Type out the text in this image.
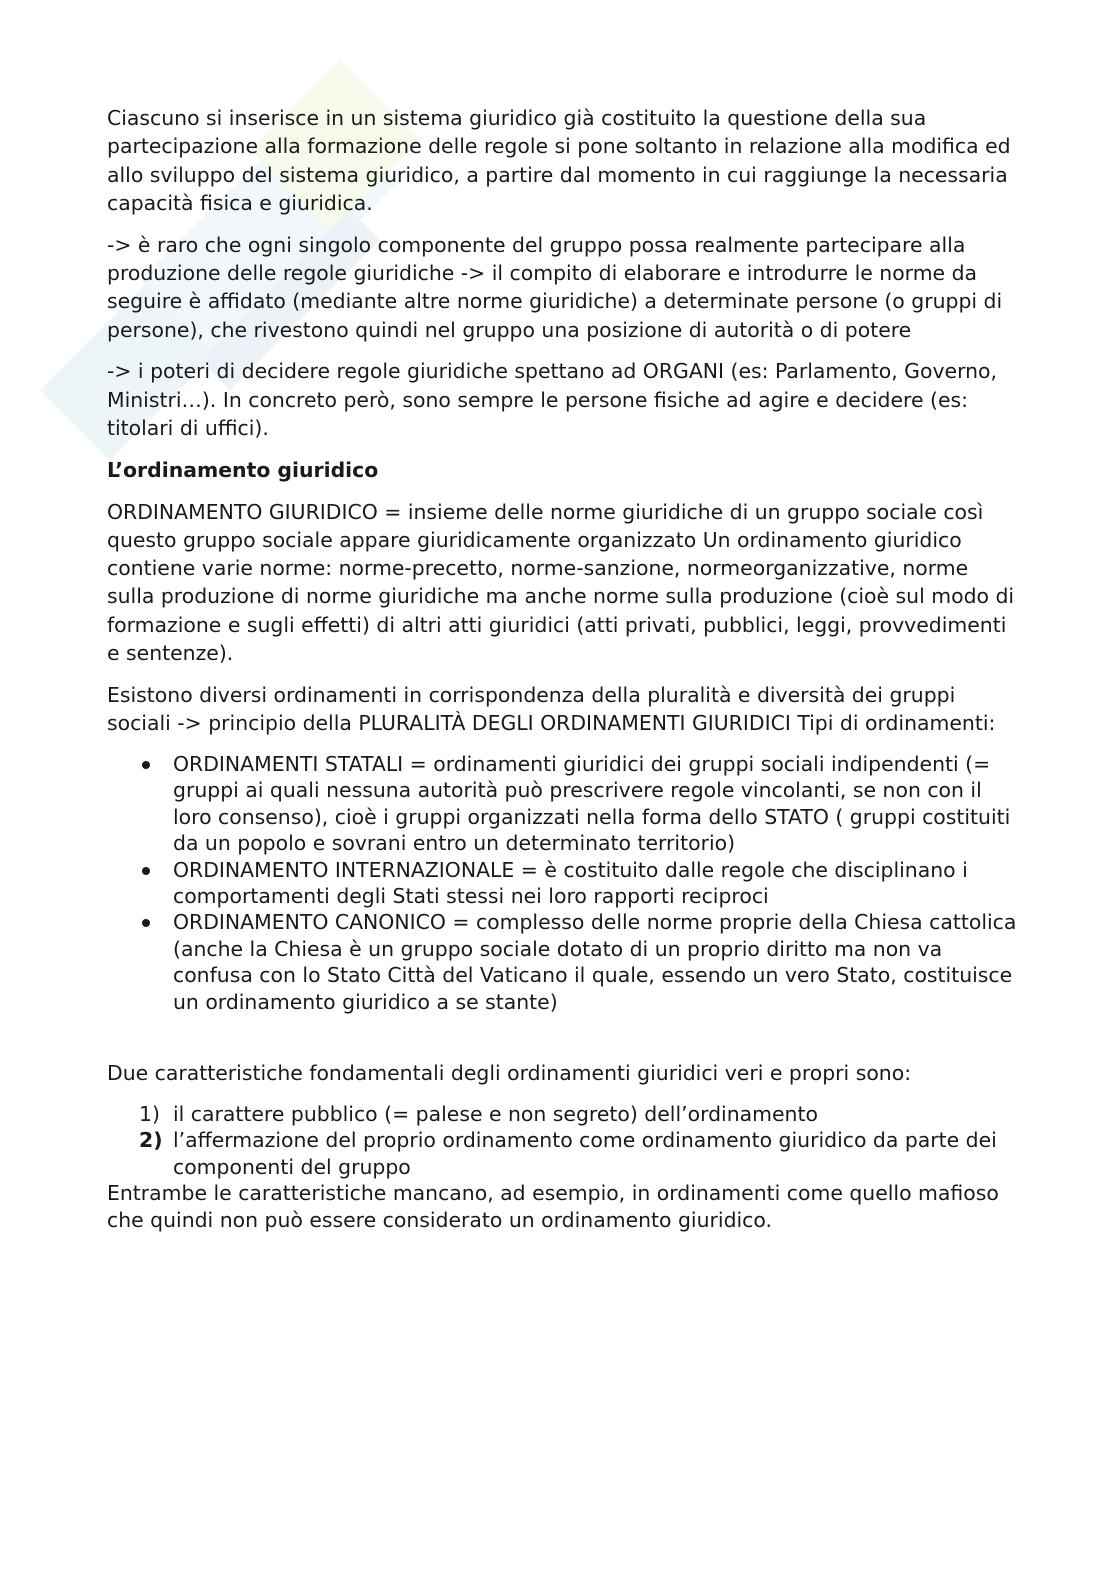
Ciascuno si inserisce in un sistema giuridico già costituito la questione della sua partecipazione alla formazione delle regole si pone soltanto in relazione alla modifica ed allo sviluppo del sistema giuridico, a partire dal momento in cui raggiunge la necessaria capacità fisica e giuridica.

-> è raro che ogni singolo componente del gruppo possa realmente partecipare alla produzione delle regole giuridiche -> il compito di elaborare e introdurre le norme da seguire è affidato (mediante altre norme giuridiche) a determinate persone (o gruppi di persone), che rivestono quindi nel gruppo una posizione di autorità o di potere

-> i poteri di decidere regole giuridiche spettano ad ORGANI (es: Parlamento, Governo, Ministri…). In concreto però, sono sempre le persone fisiche ad agire e decidere (es: titolari di uffici).

L’ordinamento giuridico

ORDINAMENTO GIURIDICO = insieme delle norme giuridiche di un gruppo sociale così questo gruppo sociale appare giuridicamente organizzato Un ordinamento giuridico contiene varie norme: norme-precetto, norme-sanzione, normeorganizzative, norme sulla produzione di norme giuridiche ma anche norme sulla produzione (cioè sul modo di formazione e sugli effetti) di altri atti giuridici (atti privati, pubblici, leggi, provvedimenti e sentenze).

Esistono diversi ordinamenti in corrispondenza della pluralità e diversità dei gruppi sociali -> principio della PLURALITÀ DEGLI ORDINAMENTI GIURIDICI Tipi di ordinamenti:

ORDINAMENTI STATALI = ordinamenti giuridici dei gruppi sociali indipendenti (= gruppi ai quali nessuna autorità può prescrivere regole vincolanti, se non con il loro consenso), cioè i gruppi organizzati nella forma dello STATO ( gruppi costituiti da un popolo e sovrani entro un determinato territorio)
ORDINAMENTO INTERNAZIONALE = è costituito dalle regole che disciplinano i comportamenti degli Stati stessi nei loro rapporti reciproci
ORDINAMENTO CANONICO = complesso delle norme proprie della Chiesa cattolica (anche la Chiesa è un gruppo sociale dotato di un proprio diritto ma non va confusa con lo Stato Città del Vaticano il quale, essendo un vero Stato, costituisce un ordinamento giuridico a se stante)

Due caratteristiche fondamentali degli ordinamenti giuridici veri e propri sono:

1) il carattere pubblico (= palese e non segreto) dell’ordinamento
2) l’affermazione del proprio ordinamento come ordinamento giuridico da parte dei componenti del gruppo

Entrambe le caratteristiche mancano, ad esempio, in ordinamenti come quello mafioso che quindi non può essere considerato un ordinamento giuridico.
